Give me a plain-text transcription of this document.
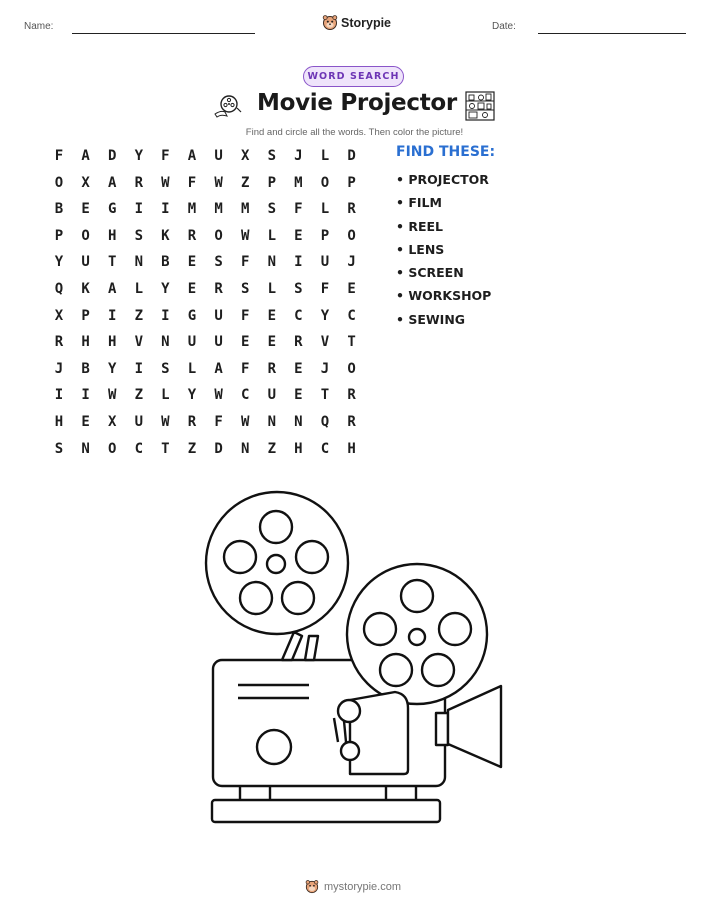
Name:	Storypie	Date:
WORD SEARCH
Movie Projector
Find and circle all the words. Then color the picture!
F	A	D	Y	F	A	U	X	S	J	L	D
O	X	A	R	W	F	W	Z	P	M	O	P
B	E	G	I	I	M	M	M	S	F	L	R
P	O	H	S	K	R	O	W	L	E	P	O
Y	U	T	N	B	E	S	F	N	I	U	J
Q	K	A	L	Y	E	R	S	L	S	F	E
X	P	I	Z	I	G	U	F	E	C	Y	C
R	H	H	V	N	U	U	E	E	R	V	T
J	B	Y	I	S	L	A	F	R	E	J	O
I	I	W	Z	L	Y	W	C	U	E	T	R
H	E	X	U	W	R	F	W	N	N	Q	R
S	N	O	C	T	Z	D	N	Z	H	C	H
FIND THESE:
• PROJECTOR
• FILM
• REEL
• LENS
• SCREEN
• WORKSHOP
• SEWING
mystorypie.com
